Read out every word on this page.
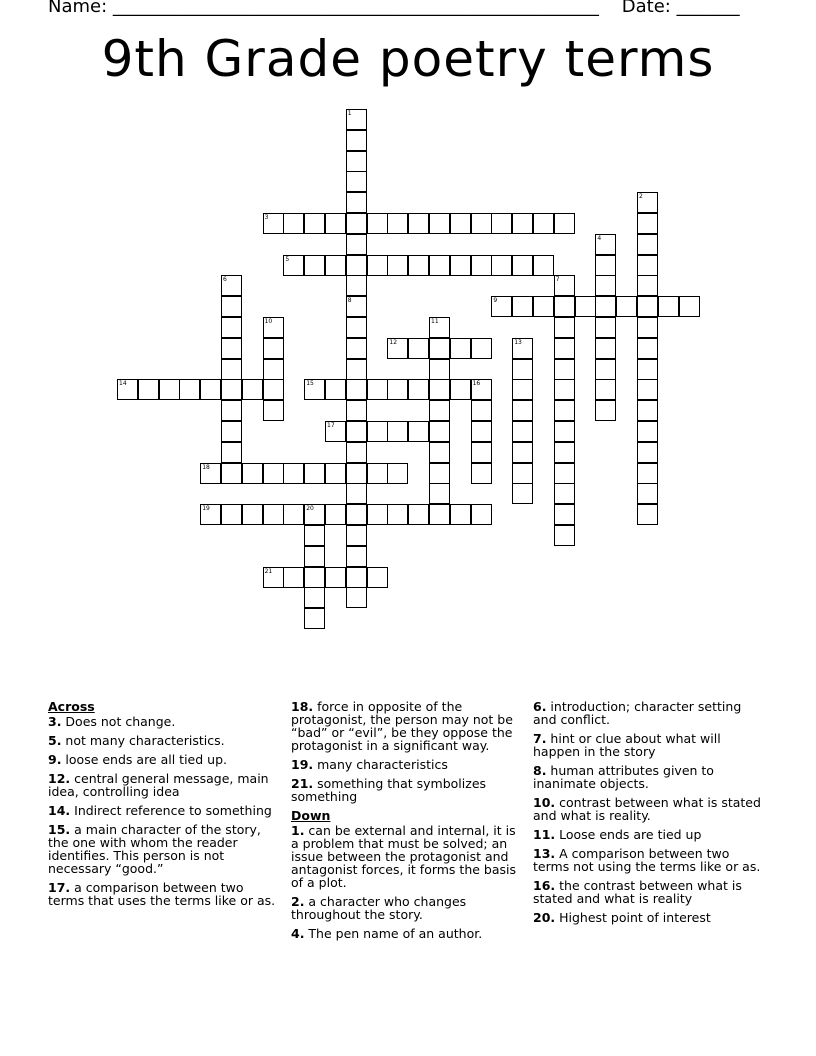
Name: ______________________________________________________ Date: _______
9th Grade poetry terms
1
8
2
3
4
5
6	7
9
10	11
12	13
14	15	16
17
18
19	20
21
Across
3. Does not change.
5. not many characteristics.
9. loose ends are all tied up.
12. central general message, main idea, controlling idea
14. Indirect reference to something
15. a main character of the story, the one with whom the reader identifies. This person is not necessary “good.”
17. a comparison between two terms that uses the terms like or as.
18. force in opposite of the protagonist, the person may not be “bad” or “evil”, be they oppose the protagonist in a significant way.
19. many characteristics
21. something that symbolizes something
Down
1. can be external and internal, it is a problem that must be solved; an issue between the protagonist and antagonist forces, it forms the basis of a plot.
2. a character who changes throughout the story.
4. The pen name of an author.
6. introduction; character setting and conflict.
7. hint or clue about what will happen in the story
8. human attributes given to inanimate objects.
10. contrast between what is stated and what is reality.
11. Loose ends are tied up
13. A comparison between two terms not using the terms like or as.
16. the contrast between what is stated and what is reality
20. Highest point of interest
